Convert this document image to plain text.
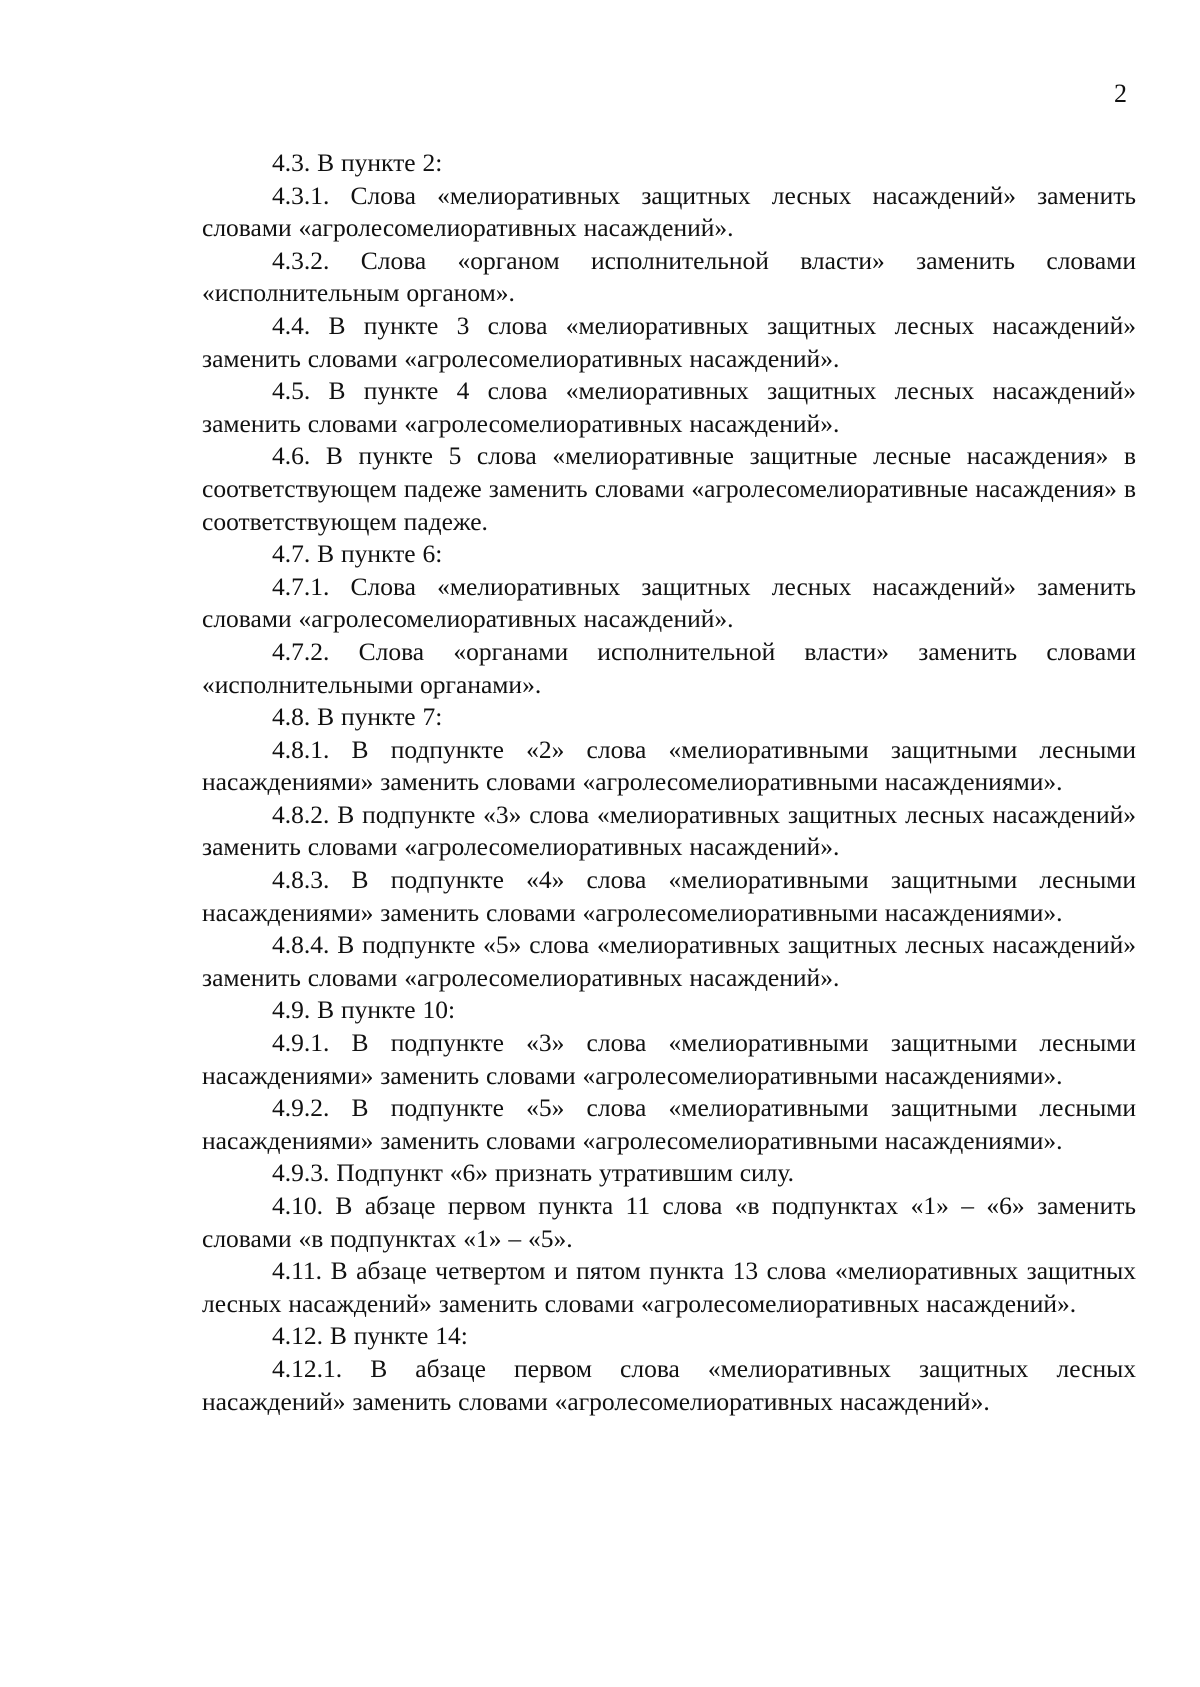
2

4.3. В пункте 2:

4.3.1. Слова «мелиоративных защитных лесных насаждений» заменить словами «агролесомелиоративных насаждений».

4.3.2. Слова «органом исполнительной власти» заменить словами «исполнительным органом».

4.4. В пункте 3 слова «мелиоративных защитных лесных насаждений» заменить словами «агролесомелиоративных насаждений».

4.5. В пункте 4 слова «мелиоративных защитных лесных насаждений» заменить словами «агролесомелиоративных насаждений».

4.6. В пункте 5 слова «мелиоративные защитные лесные насаждения» в соответствующем падеже заменить словами «агролесомелиоративные насаждения» в соответствующем падеже.

4.7. В пункте 6:

4.7.1. Слова «мелиоративных защитных лесных насаждений» заменить словами «агролесомелиоративных насаждений».

4.7.2. Слова «органами исполнительной власти» заменить словами «исполнительными органами».

4.8. В пункте 7:

4.8.1. В подпункте «2» слова «мелиоративными защитными лесными насаждениями» заменить словами «агролесомелиоративными насаждениями».

4.8.2. В подпункте «3» слова «мелиоративных защитных лесных насаждений» заменить словами «агролесомелиоративных насаждений».

4.8.3. В подпункте «4» слова «мелиоративными защитными лесными насаждениями» заменить словами «агролесомелиоративными насаждениями».

4.8.4. В подпункте «5» слова «мелиоративных защитных лесных насаждений» заменить словами «агролесомелиоративных насаждений».

4.9. В пункте 10:

4.9.1. В подпункте «3» слова «мелиоративными защитными лесными насаждениями» заменить словами «агролесомелиоративными насаждениями».

4.9.2. В подпункте «5» слова «мелиоративными защитными лесными насаждениями» заменить словами «агролесомелиоративными насаждениями».

4.9.3. Подпункт «6» признать утратившим силу.

4.10. В абзаце первом пункта 11 слова «в подпунктах «1» – «6» заменить словами «в подпунктах «1» – «5».

4.11. В абзаце четвертом и пятом пункта 13 слова «мелиоративных защитных лесных насаждений» заменить словами «агролесомелиоративных насаждений».

4.12. В пункте 14:

4.12.1. В абзаце первом слова «мелиоративных защитных лесных насаждений» заменить словами «агролесомелиоративных насаждений».
